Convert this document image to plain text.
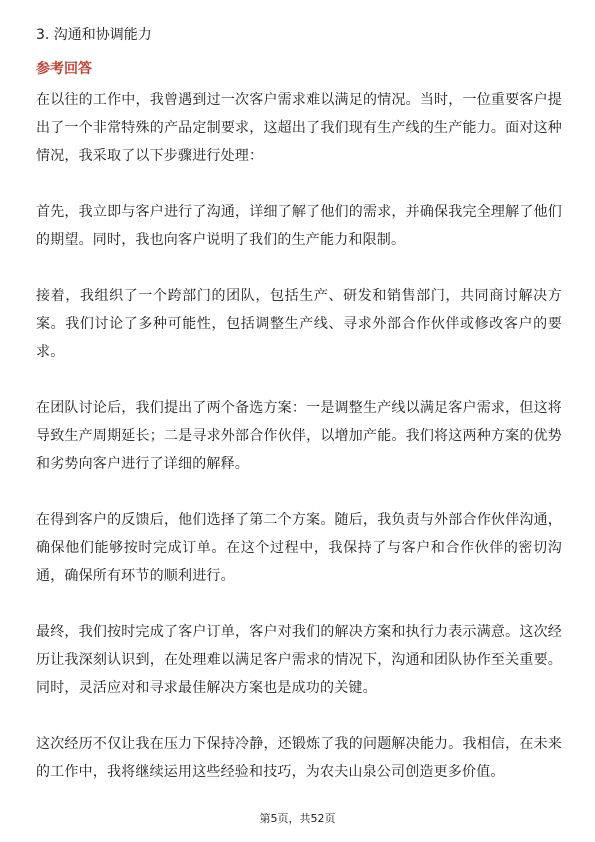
3. 沟通和协调能力
参考回答

在以往的工作中，我曾遇到过一次客户需求难以满足的情况。当时，一位重要客户提出了一个非常特殊的产品定制要求，这超出了我们现有生产线的生产能力。面对这种情况，我采取了以下步骤进行处理：

首先，我立即与客户进行了沟通，详细了解了他们的需求，并确保我完全理解了他们的期望。同时，我也向客户说明了我们的生产能力和限制。

接着，我组织了一个跨部门的团队，包括生产、研发和销售部门，共同商讨解决方案。我们讨论了多种可能性，包括调整生产线、寻求外部合作伙伴或修改客户的要求。

在团队讨论后，我们提出了两个备选方案：一是调整生产线以满足客户需求，但这将导致生产周期延长；二是寻求外部合作伙伴，以增加产能。我们将这两种方案的优势和劣势向客户进行了详细的解释。

在得到客户的反馈后，他们选择了第二个方案。随后，我负责与外部合作伙伴沟通，确保他们能够按时完成订单。在这个过程中，我保持了与客户和合作伙伴的密切沟通，确保所有环节的顺利进行。

最终，我们按时完成了客户订单，客户对我们的解决方案和执行力表示满意。这次经历让我深刻认识到，在处理难以满足客户需求的情况下，沟通和团队协作至关重要。同时，灵活应对和寻求最佳解决方案也是成功的关键。

这次经历不仅让我在压力下保持冷静，还锻炼了我的问题解决能力。我相信，在未来的工作中，我将继续运用这些经验和技巧，为农夫山泉公司创造更多价值。

第5页，共52页
